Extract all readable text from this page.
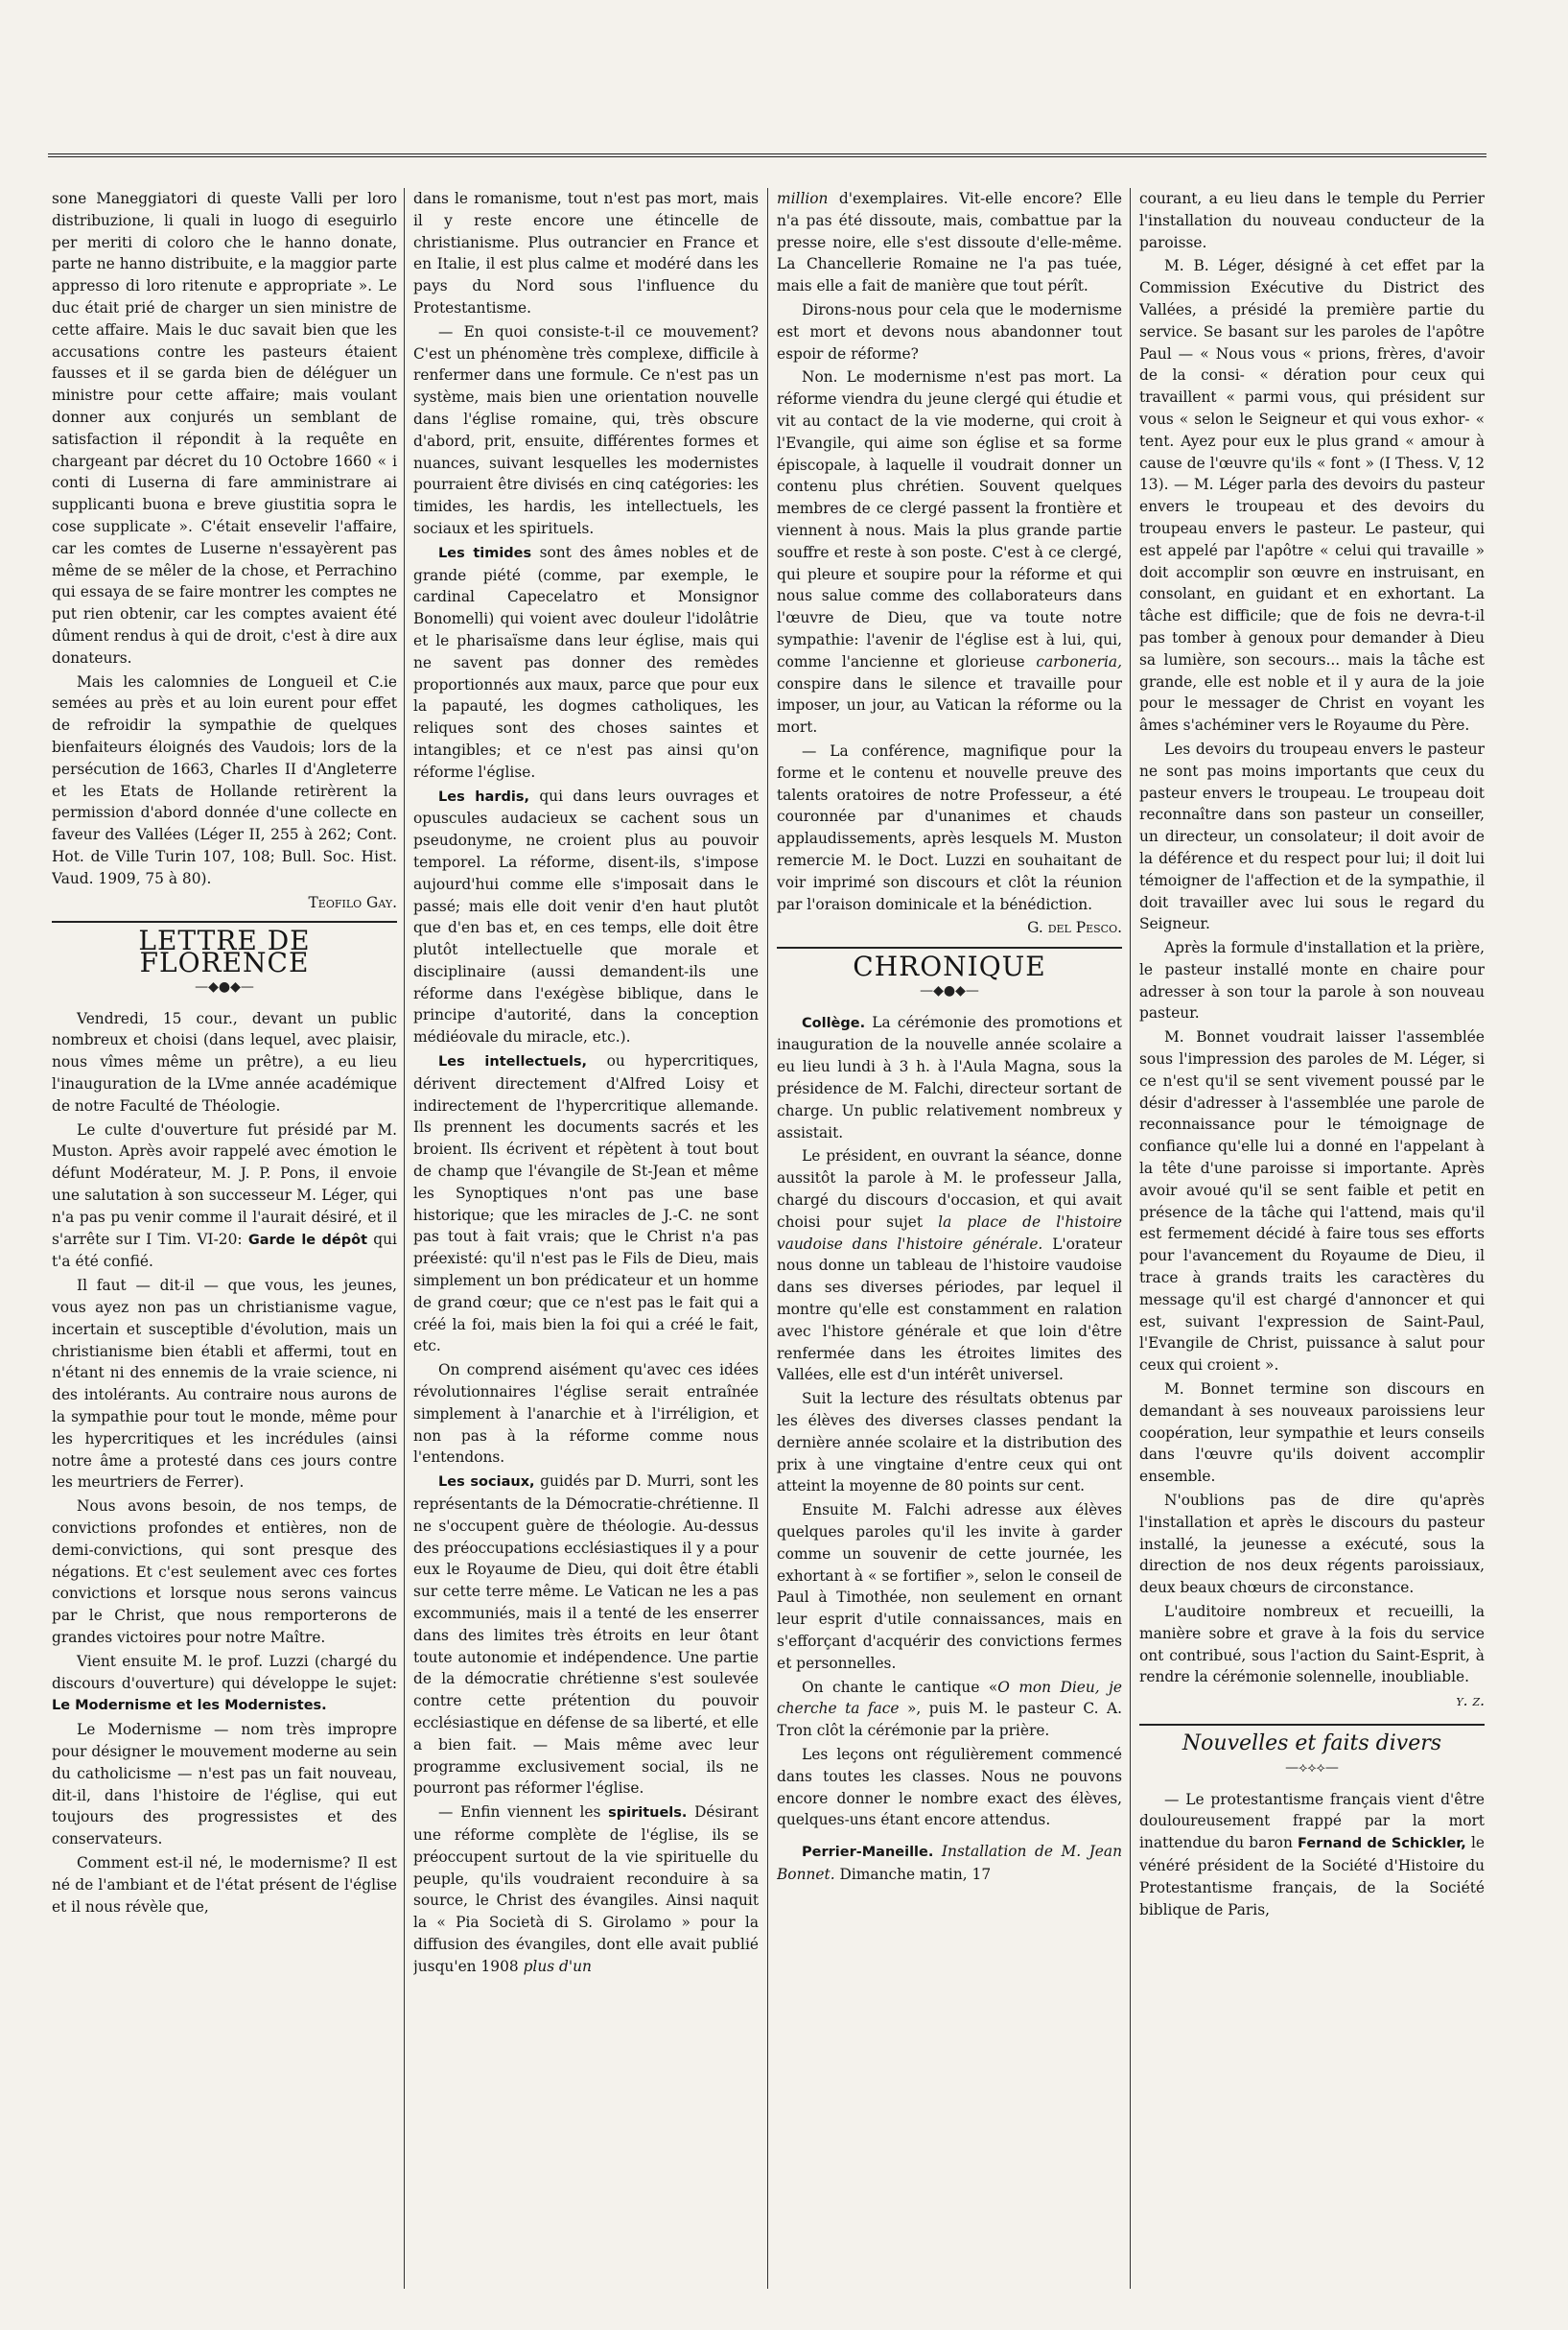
sone Maneggiatori di queste Valli per loro distribuzione, li quali in luogo di eseguirlo per meriti di coloro che le hanno donate, parte ne hanno distribuite, e la maggior parte appresso di loro ritenute e appropriate ». Le duc était prié de charger un sien ministre de cette affaire. Mais le duc savait bien que les accusations contre les pasteurs étaient fausses et il se garda bien de déléguer un ministre pour cette affaire; mais voulant donner aux conjurés un semblant de satisfaction il répondit à la requête en chargeant par décret du 10 Octobre 1660 « i conti di Luserna di fare amministrare ai supplicanti buona e breve giustitia sopra le cose supplicate ». C'était ensevelir l'affaire, car les comtes de Luserne n'essayèrent pas même de se mêler de la chose, et Perrachino qui essaya de se faire montrer les comptes ne put rien obtenir, car les comptes avaient été dûment rendus à qui de droit, c'est à dire aux donateurs.

Mais les calomnies de Longueil et C.ie semées au près et au loin eurent pour effet de refroidir la sympathie de quelques bienfaiteurs éloignés des Vaudois; lors de la persécution de 1663, Charles II d'Angleterre et les Etats de Hollande retirèrent la permission d'abord donnée d'une collecte en faveur des Vallées (Léger II, 255 à 262; Cont. Hot. de Ville Turin 107, 108; Bull. Soc. Hist. Vaud. 1909, 75 à 80).

Teofilo Gay.
LETTRE DE FLORENCE
—◆●◆—

Vendredi, 15 cour., devant un public nombreux et choisi (dans lequel, avec plaisir, nous vîmes même un prêtre), a eu lieu l'inauguration de la LVme année académique de notre Faculté de Théologie.

Le culte d'ouverture fut présidé par M. Muston. Après avoir rappelé avec émotion le défunt Modérateur, M. J. P. Pons, il envoie une salutation à son successeur M. Léger, qui n'a pas pu venir comme il l'aurait désiré, et il s'arrête sur I Tim. VI-20: Garde le dépôt qui t'a été confié.

Il faut — dit-il — que vous, les jeunes, vous ayez non pas un christianisme vague, incertain et susceptible d'évolution, mais un christianisme bien établi et affermi, tout en n'étant ni des ennemis de la vraie science, ni des intolérants. Au contraire nous aurons de la sympathie pour tout le monde, même pour les hypercritiques et les incrédules (ainsi notre âme a protesté dans ces jours contre les meurtriers de Ferrer).

Nous avons besoin, de nos temps, de convictions profondes et entières, non de demi-convictions, qui sont presque des négations. Et c'est seulement avec ces fortes convictions et lorsque nous serons vaincus par le Christ, que nous remporterons de grandes victoires pour notre Maître.

Vient ensuite M. le prof. Luzzi (chargé du discours d'ouverture) qui développe le sujet: Le Modernisme et les Modernistes.

Le Modernisme — nom très impropre pour désigner le mouvement moderne au sein du catholicisme — n'est pas un fait nouveau, dit-il, dans l'histoire de l'église, qui eut toujours des progressistes et des conservateurs.

Comment est-il né, le modernisme? Il est né de l'ambiant et de l'état présent de l'église et il nous révèle que,

dans le romanisme, tout n'est pas mort, mais il y reste encore une étincelle de christianisme. Plus outrancier en France et en Italie, il est plus calme et modéré dans les pays du Nord sous l'influence du Protestantisme.

— En quoi consiste-t-il ce mouvement? C'est un phénomène très complexe, difficile à renfermer dans une formule. Ce n'est pas un système, mais bien une orientation nouvelle dans l'église romaine, qui, très obscure d'abord, prit, ensuite, différentes formes et nuances, suivant lesquelles les modernistes pourraient être divisés en cinq catégories: les timides, les hardis, les intellectuels, les sociaux et les spirituels.

Les timides sont des âmes nobles et de grande piété (comme, par exemple, le cardinal Capecelatro et Monsignor Bonomelli) qui voient avec douleur l'idolâtrie et le pharisaïsme dans leur église, mais qui ne savent pas donner des remèdes proportionnés aux maux, parce que pour eux la papauté, les dogmes catholiques, les reliques sont des choses saintes et intangibles; et ce n'est pas ainsi qu'on réforme l'église.

Les hardis, qui dans leurs ouvrages et opuscules audacieux se cachent sous un pseudonyme, ne croient plus au pouvoir temporel. La réforme, disent-ils, s'impose aujourd'hui comme elle s'imposait dans le passé; mais elle doit venir d'en haut plutôt que d'en bas et, en ces temps, elle doit être plutôt intellectuelle que morale et disciplinaire (aussi demandent-ils une réforme dans l'exégèse biblique, dans le principe d'autorité, dans la conception médiéovale du miracle, etc.).

Les intellectuels, ou hypercritiques, dérivent directement d'Alfred Loisy et indirectement de l'hypercritique allemande. Ils prennent les documents sacrés et les broient. Ils écrivent et répètent à tout bout de champ que l'évangile de St-Jean et même les Synoptiques n'ont pas une base historique; que les miracles de J.-C. ne sont pas tout à fait vrais; que le Christ n'a pas préexisté: qu'il n'est pas le Fils de Dieu, mais simplement un bon prédicateur et un homme de grand cœur; que ce n'est pas le fait qui a créé la foi, mais bien la foi qui a créé le fait, etc.

On comprend aisément qu'avec ces idées révolutionnaires l'église serait entraînée simplement à l'anarchie et à l'irréligion, et non pas à la réforme comme nous l'entendons.

Les sociaux, guidés par D. Murri, sont les représentants de la Démocratie-chrétienne. Il ne s'occupent guère de théologie. Au-dessus des préoccupations ecclésiastiques il y a pour eux le Royaume de Dieu, qui doit être établi sur cette terre même. Le Vatican ne les a pas excommuniés, mais il a tenté de les enserrer dans des limites très étroits en leur ôtant toute autonomie et indépendence. Une partie de la démocratie chrétienne s'est soulevée contre cette prétention du pouvoir ecclésiastique en défense de sa liberté, et elle a bien fait. — Mais même avec leur programme exclusivement social, ils ne pourront pas réformer l'église.

— Enfin viennent les spirituels. Désirant une réforme complète de l'église, ils se préoccupent surtout de la vie spirituelle du peuple, qu'ils voudraient reconduire à sa source, le Christ des évangiles. Ainsi naquit la « Pia Società di S. Girolamo » pour la diffusion des évangiles, dont elle avait publié jusqu'en 1908 plus d'un

million d'exemplaires. Vit-elle encore? Elle n'a pas été dissoute, mais, combattue par la presse noire, elle s'est dissoute d'elle-même. La Chancellerie Romaine ne l'a pas tuée, mais elle a fait de manière que tout pérît.

Dirons-nous pour cela que le modernisme est mort et devons nous abandonner tout espoir de réforme?

Non. Le modernisme n'est pas mort. La réforme viendra du jeune clergé qui étudie et vit au contact de la vie moderne, qui croit à l'Evangile, qui aime son église et sa forme épiscopale, à laquelle il voudrait donner un contenu plus chrétien. Souvent quelques membres de ce clergé passent la frontière et viennent à nous. Mais la plus grande partie souffre et reste à son poste. C'est à ce clergé, qui pleure et soupire pour la réforme et qui nous salue comme des collaborateurs dans l'œuvre de Dieu, que va toute notre sympathie: l'avenir de l'église est à lui, qui, comme l'ancienne et glorieuse carboneria, conspire dans le silence et travaille pour imposer, un jour, au Vatican la réforme ou la mort.

— La conférence, magnifique pour la forme et le contenu et nouvelle preuve des talents oratoires de notre Professeur, a été couronnée par d'unanimes et chauds applaudissements, après lesquels M. Muston remercie M. le Doct. Luzzi en souhaitant de voir imprimé son discours et clôt la réunion par l'oraison dominicale et la bénédiction.

G. del Pesco.
CHRONIQUE
—◆●◆—

Collège. La cérémonie des promotions et inauguration de la nouvelle année scolaire a eu lieu lundi à 3 h. à l'Aula Magna, sous la présidence de M. Falchi, directeur sortant de charge. Un public relativement nombreux y assistait.

Le président, en ouvrant la séance, donne aussitôt la parole à M. le professeur Jalla, chargé du discours d'occasion, et qui avait choisi pour sujet la place de l'histoire vaudoise dans l'histoire générale. L'orateur nous donne un tableau de l'histoire vaudoise dans ses diverses périodes, par lequel il montre qu'elle est constamment en ralation avec l'histore générale et que loin d'être renfermée dans les étroites limites des Vallées, elle est d'un intérêt universel.

Suit la lecture des résultats obtenus par les élèves des diverses classes pendant la dernière année scolaire et la distribution des prix à une vingtaine d'entre ceux qui ont atteint la moyenne de 80 points sur cent.

Ensuite M. Falchi adresse aux élèves quelques paroles qu'il les invite à garder comme un souvenir de cette journée, les exhortant à « se fortifier », selon le conseil de Paul à Timothée, non seulement en ornant leur esprit d'utile connaissances, mais en s'efforçant d'acquérir des convictions fermes et personnelles.

On chante le cantique «O mon Dieu, je cherche ta face », puis M. le pasteur C. A. Tron clôt la cérémonie par la prière.

Les leçons ont régulièrement commencé dans toutes les classes. Nous ne pouvons encore donner le nombre exact des élèves, quelques-uns étant encore attendus.

Perrier-Maneille. Installation de M. Jean Bonnet. Dimanche matin, 17

courant, a eu lieu dans le temple du Perrier l'installation du nouveau conducteur de la paroisse.

M. B. Léger, désigné à cet effet par la Commission Exécutive du District des Vallées, a présidé la première partie du service. Se basant sur les paroles de l'apôtre Paul — « Nous vous « prions, frères, d'avoir de la consi- « dération pour ceux qui travaillent « parmi vous, qui président sur vous « selon le Seigneur et qui vous exhor- « tent. Ayez pour eux le plus grand « amour à cause de l'œuvre qu'ils « font » (I Thess. V, 12 13). — M. Léger parla des devoirs du pasteur envers le troupeau et des devoirs du troupeau envers le pasteur. Le pasteur, qui est appelé par l'apôtre « celui qui travaille » doit accomplir son œuvre en instruisant, en consolant, en guidant et en exhortant. La tâche est difficile; que de fois ne devra-t-il pas tomber à genoux pour demander à Dieu sa lumière, son secours... mais la tâche est grande, elle est noble et il y aura de la joie pour le messager de Christ en voyant les âmes s'achéminer vers le Royaume du Père.

Les devoirs du troupeau envers le pasteur ne sont pas moins importants que ceux du pasteur envers le troupeau. Le troupeau doit reconnaître dans son pasteur un conseiller, un directeur, un consolateur; il doit avoir de la déférence et du respect pour lui; il doit lui témoigner de l'affection et de la sympathie, il doit travailler avec lui sous le regard du Seigneur.

Après la formule d'installation et la prière, le pasteur installé monte en chaire pour adresser à son tour la parole à son nouveau pasteur.

M. Bonnet voudrait laisser l'assemblée sous l'impression des paroles de M. Léger, si ce n'est qu'il se sent vivement poussé par le désir d'adresser à l'assemblée une parole de reconnaissance pour le témoignage de confiance qu'elle lui a donné en l'appelant à la tête d'une paroisse si importante. Après avoir avoué qu'il se sent faible et petit en présence de la tâche qui l'attend, mais qu'il est fermement décidé à faire tous ses efforts pour l'avancement du Royaume de Dieu, il trace à grands traits les caractères du message qu'il est chargé d'annoncer et qui est, suivant l'expression de Saint-Paul, l'Evangile de Christ, puissance à salut pour ceux qui croient ».

M. Bonnet termine son discours en demandant à ses nouveaux paroissiens leur coopération, leur sympathie et leurs conseils dans l'œuvre qu'ils doivent accomplir ensemble.

N'oublions pas de dire qu'après l'installation et après le discours du pasteur installé, la jeunesse a exécuté, sous la direction de nos deux régents paroissiaux, deux beaux chœurs de circonstance.

L'auditoire nombreux et recueilli, la manière sobre et grave à la fois du service ont contribué, sous l'action du Saint-Esprit, à rendre la cérémonie solennelle, inoubliable.

y. z.
Nouvelles et faits divers
—⟡⟡⟡—

— Le protestantisme français vient d'être douloureusement frappé par la mort inattendue du baron Fernand de Schickler, le vénéré président de la Société d'Histoire du Protestantisme français, de la Société biblique de Paris,
